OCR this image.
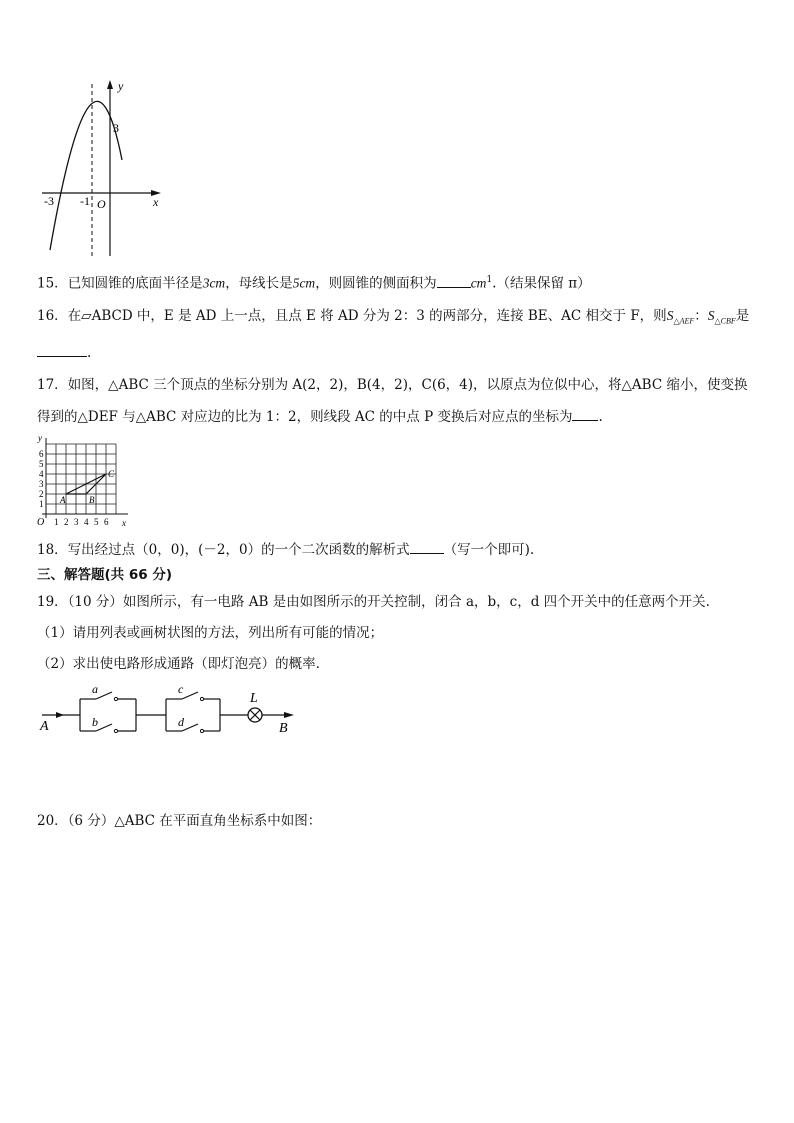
y
x
3
-3 -1 O
15．已知圆锥的底面半径是3cm，母线长是5cm，则圆锥的侧面积为	$cm^1$.（结果保留 π）
16．在▱ABCD 中，E 是 AD 上一点，且点 E 将 AD 分为 2：3 的两部分，连接 BE、AC 相交于 F，则$S_{\triangle AEF}$：$S_{\triangle CBF}$是
.
17．如图，△ABC 三个顶点的坐标分别为 A(2，2)，B(4，2)，C(6，4)，以原点为位似中心，将△ABC 缩小，使变换
得到的△DEF 与△ABC 对应边的比为 1：2，则线段 AC 的中点 P 变换后对应点的坐标为 .
y
x
O
1
2
3
4
5
6
1 2 3 4 5 6
A	B
C
18．写出经过点（0，0)，(－2，0）的一个二次函数的解析式	（写一个即可).
三、解答题(共 66 分)
19．（10 分）如图所示，有一电路 AB 是由如图所示的开关控制，闭合 a，b，c，d 四个开关中的任意两个开关.
（1）请用列表或画树状图的方法，列出所有可能的情况；
（2）求出使电路形成通路（即灯泡亮）的概率.
A	B
a
b
c
d
L
20．（6 分）△ABC 在平面直角坐标系中如图：
